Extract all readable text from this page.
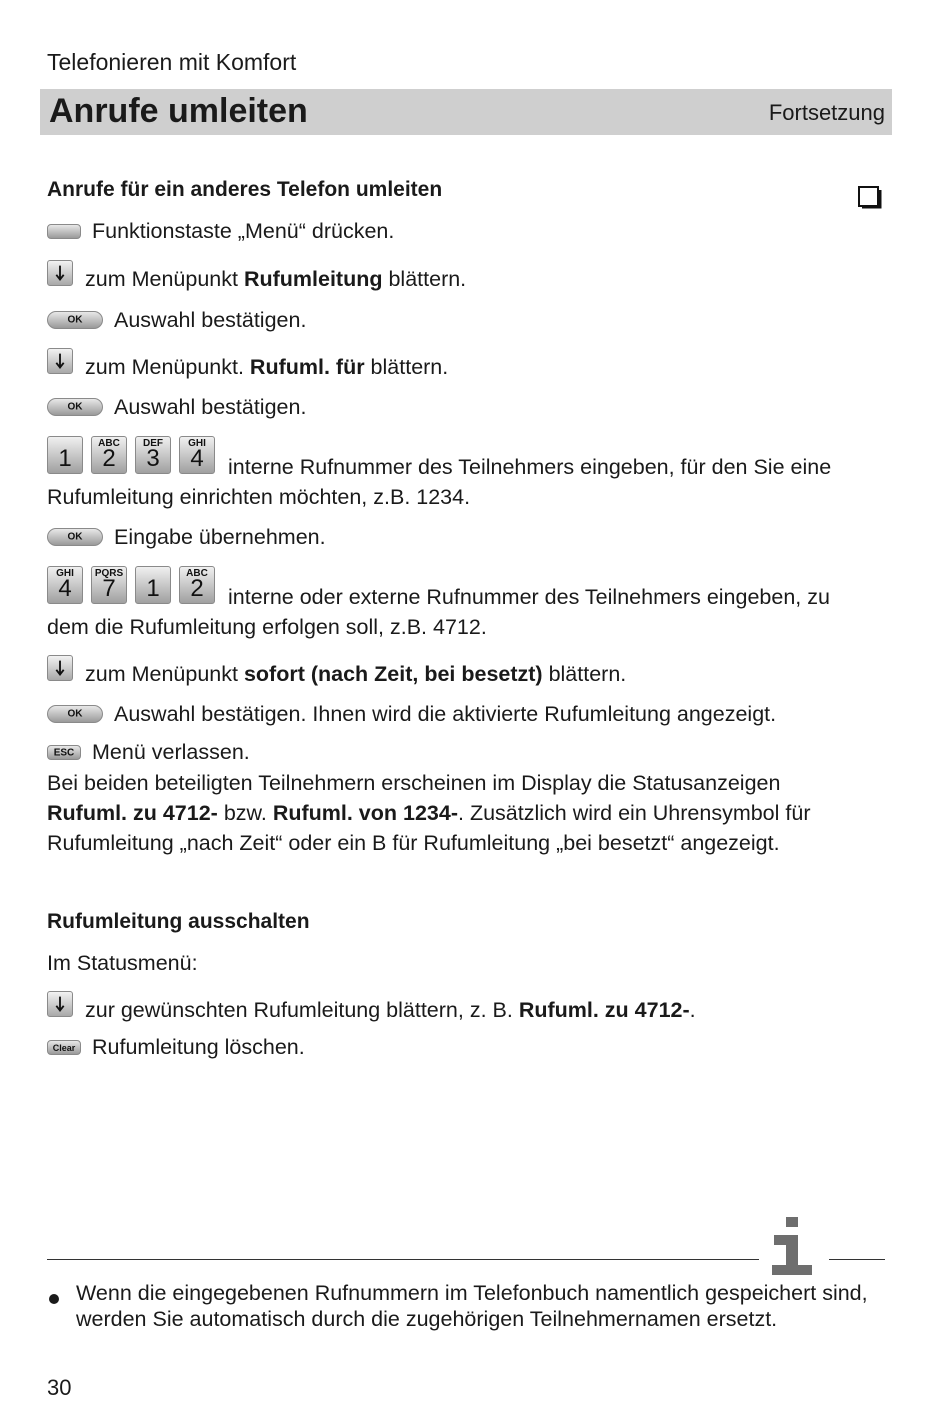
Telefonieren mit Komfort
Anrufe umleiten	Fortsetzung
Anrufe für ein anderes Telefon umleiten
Funktionstaste „Menü“ drücken.
zum Menüpunkt Rufumleitung blättern.
OK	Auswahl bestätigen.
zum Menüpunkt. Rufuml. für blättern.
OK	Auswahl bestätigen.
1
ABC
2
DEF
3
GHI
4	interne Rufnummer des Teilnehmers eingeben, für den Sie eine
Rufumleitung einrichten möchten, z.B. 1234.
OK	Eingabe übernehmen.
GHI
4
PQRS
7	1
ABC
2	interne oder externe Rufnummer des Teilnehmers eingeben, zu
dem die Rufumleitung erfolgen soll, z.B. 4712.
zum Menüpunkt sofort (nach Zeit, bei besetzt) blättern.
OK	Auswahl bestätigen. Ihnen wird die aktivierte Rufumleitung angezeigt.
ESC Menü verlassen.
Bei beiden beteiligten Teilnehmern erscheinen im Display die Statusanzeigen
Rufuml. zu 4712- bzw. Rufuml. von 1234-. Zusätzlich wird ein Uhrensymbol für
Rufumleitung „nach Zeit“ oder ein B für Rufumleitung „bei besetzt“ angezeigt.
Rufumleitung ausschalten
Im Statusmenü:
zur gewünschten Rufumleitung blättern, z. B. Rufuml. zu 4712-.
Clear Rufumleitung löschen.
Wenn die eingegebenen Rufnummern im Telefonbuch namentlich gespeichert sind, werden Sie automatisch durch die zugehörigen Teilnehmernamen ersetzt.
30
